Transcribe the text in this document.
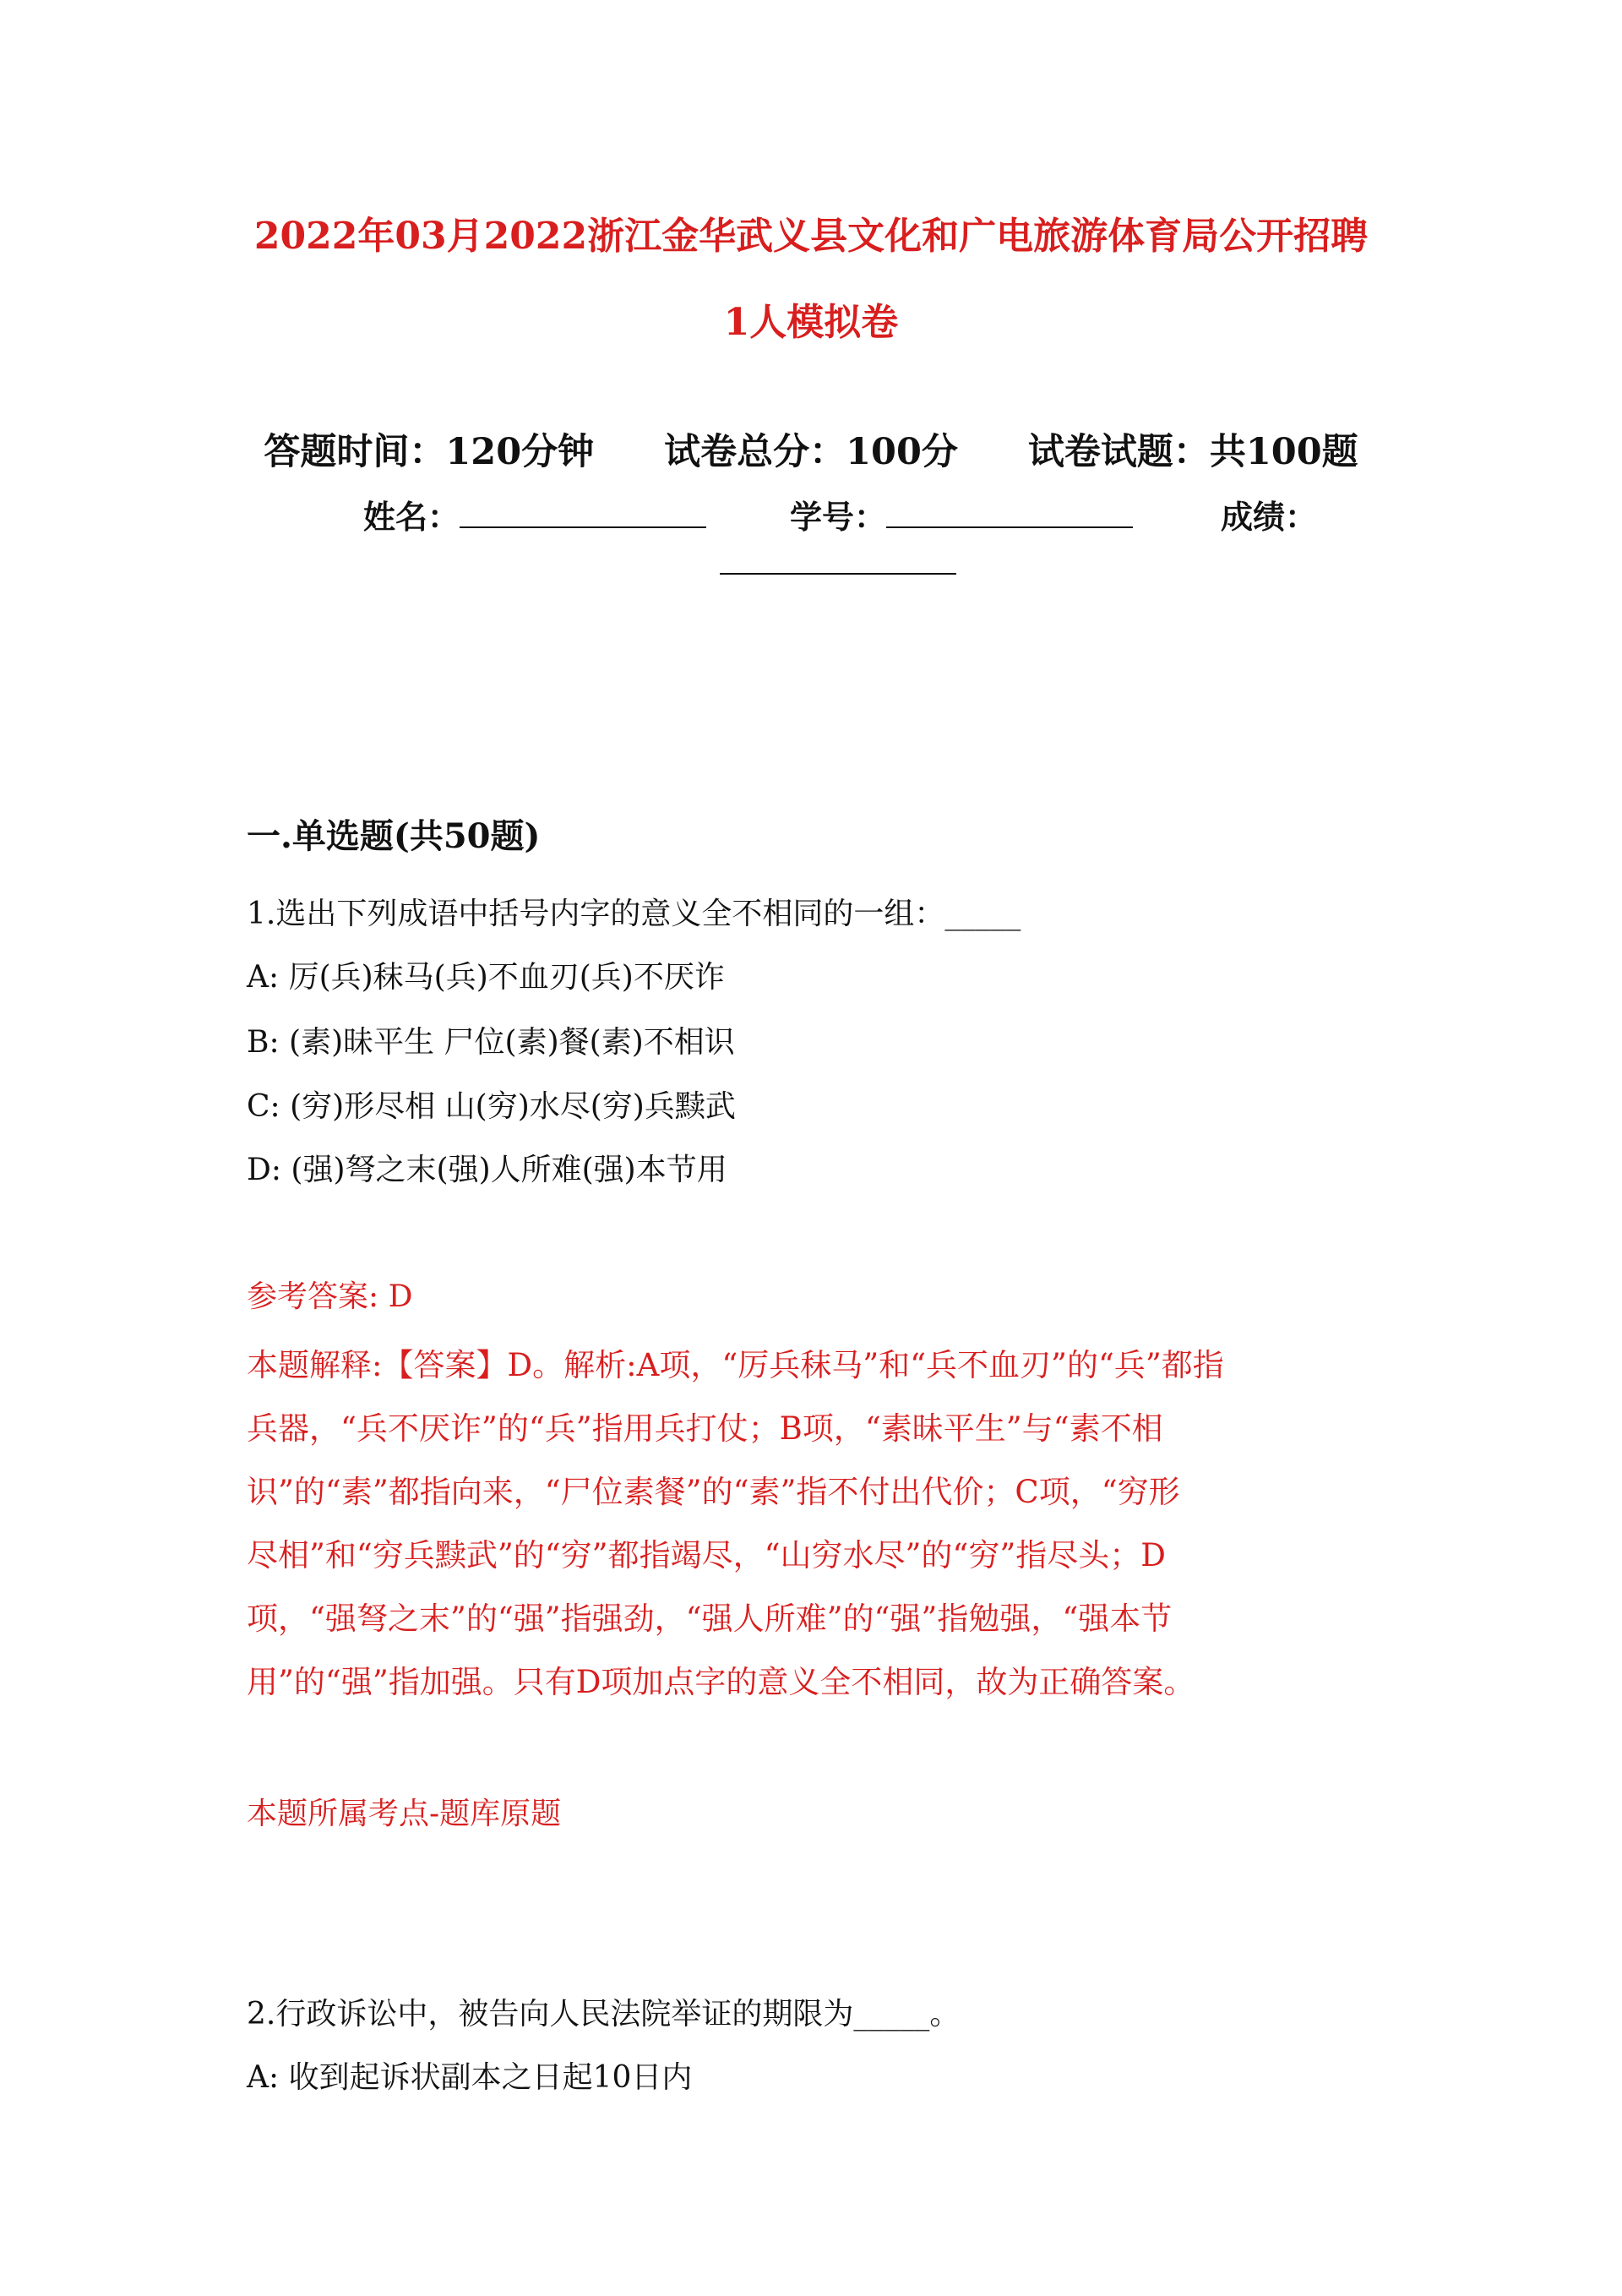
2022年03月2022浙江金华武义县文化和广电旅游体育局公开招聘
1人模拟卷
答题时间：120分钟 试卷总分：100分 试卷试题：共100题
姓名：	学号：	成绩：
一.单选题(共50题)
1.选出下列成语中括号内字的意义全不相同的一组：_____
A: 厉(兵)秣马(兵)不血刃(兵)不厌诈
B: (素)昧平生 尸位(素)餐(素)不相识
C: (穷)形尽相 山(穷)水尽(穷)兵黩武
D: (强)弩之末(强)人所难(强)本节用
参考答案: D
本题解释:【答案】D。解析:A项，“厉兵秣马”和“兵不血刃”的“兵”都指
兵器，“兵不厌诈”的“兵”指用兵打仗；B项，“素昧平生”与“素不相
识”的“素”都指向来，“尸位素餐”的“素”指不付出代价；C项，“穷形
尽相”和“穷兵黩武”的“穷”都指竭尽，“山穷水尽”的“穷”指尽头；D
项，“强弩之末”的“强”指强劲，“强人所难”的“强”指勉强，“强本节
用”的“强”指加强。只有D项加点字的意义全不相同，故为正确答案。
本题所属考点-题库原题
2.行政诉讼中，被告向人民法院举证的期限为_____。
A: 收到起诉状副本之日起10日内
